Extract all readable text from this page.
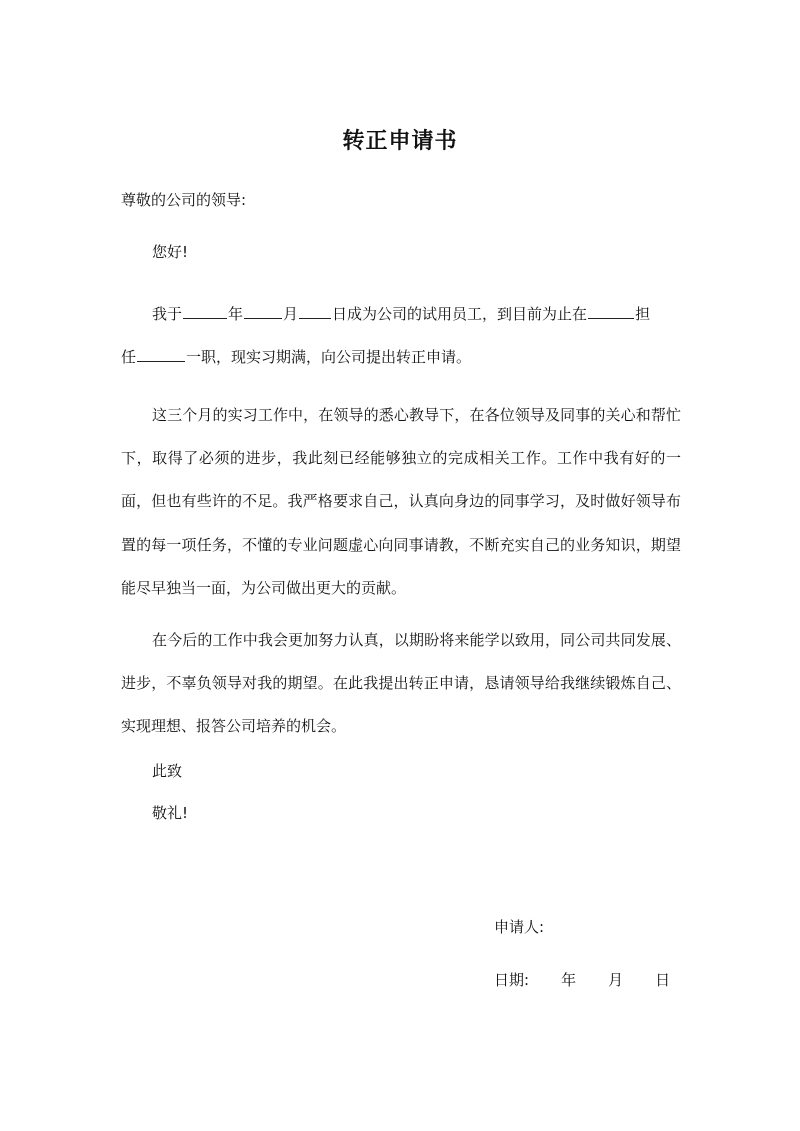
转正申请书
尊敬的公司的领导:
您好!
我于	年	月 日成为公司的试用员工，到目前为止在	担
任	一职，现实习期满，向公司提出转正申请。
这三个月的实习工作中，在领导的悉心教导下，在各位领导及同事的关心和帮忙下，取得了必须的进步，我此刻已经能够独立的完成相关工作。工作中我有好的一面，但也有些许的不足。我严格要求自己，认真向身边的同事学习，及时做好领导布置的每一项任务，不懂的专业问题虚心向同事请教，不断充实自己的业务知识，期望能尽早独当一面，为公司做出更大的贡献。
在今后的工作中我会更加努力认真，以期盼将来能学以致用，同公司共同发展、进步，不辜负领导对我的期望。在此我提出转正申请，恳请领导给我继续锻炼自己、实现理想、报答公司培养的机会。
此致
敬礼!
申请人:
日期: 年 月 日
